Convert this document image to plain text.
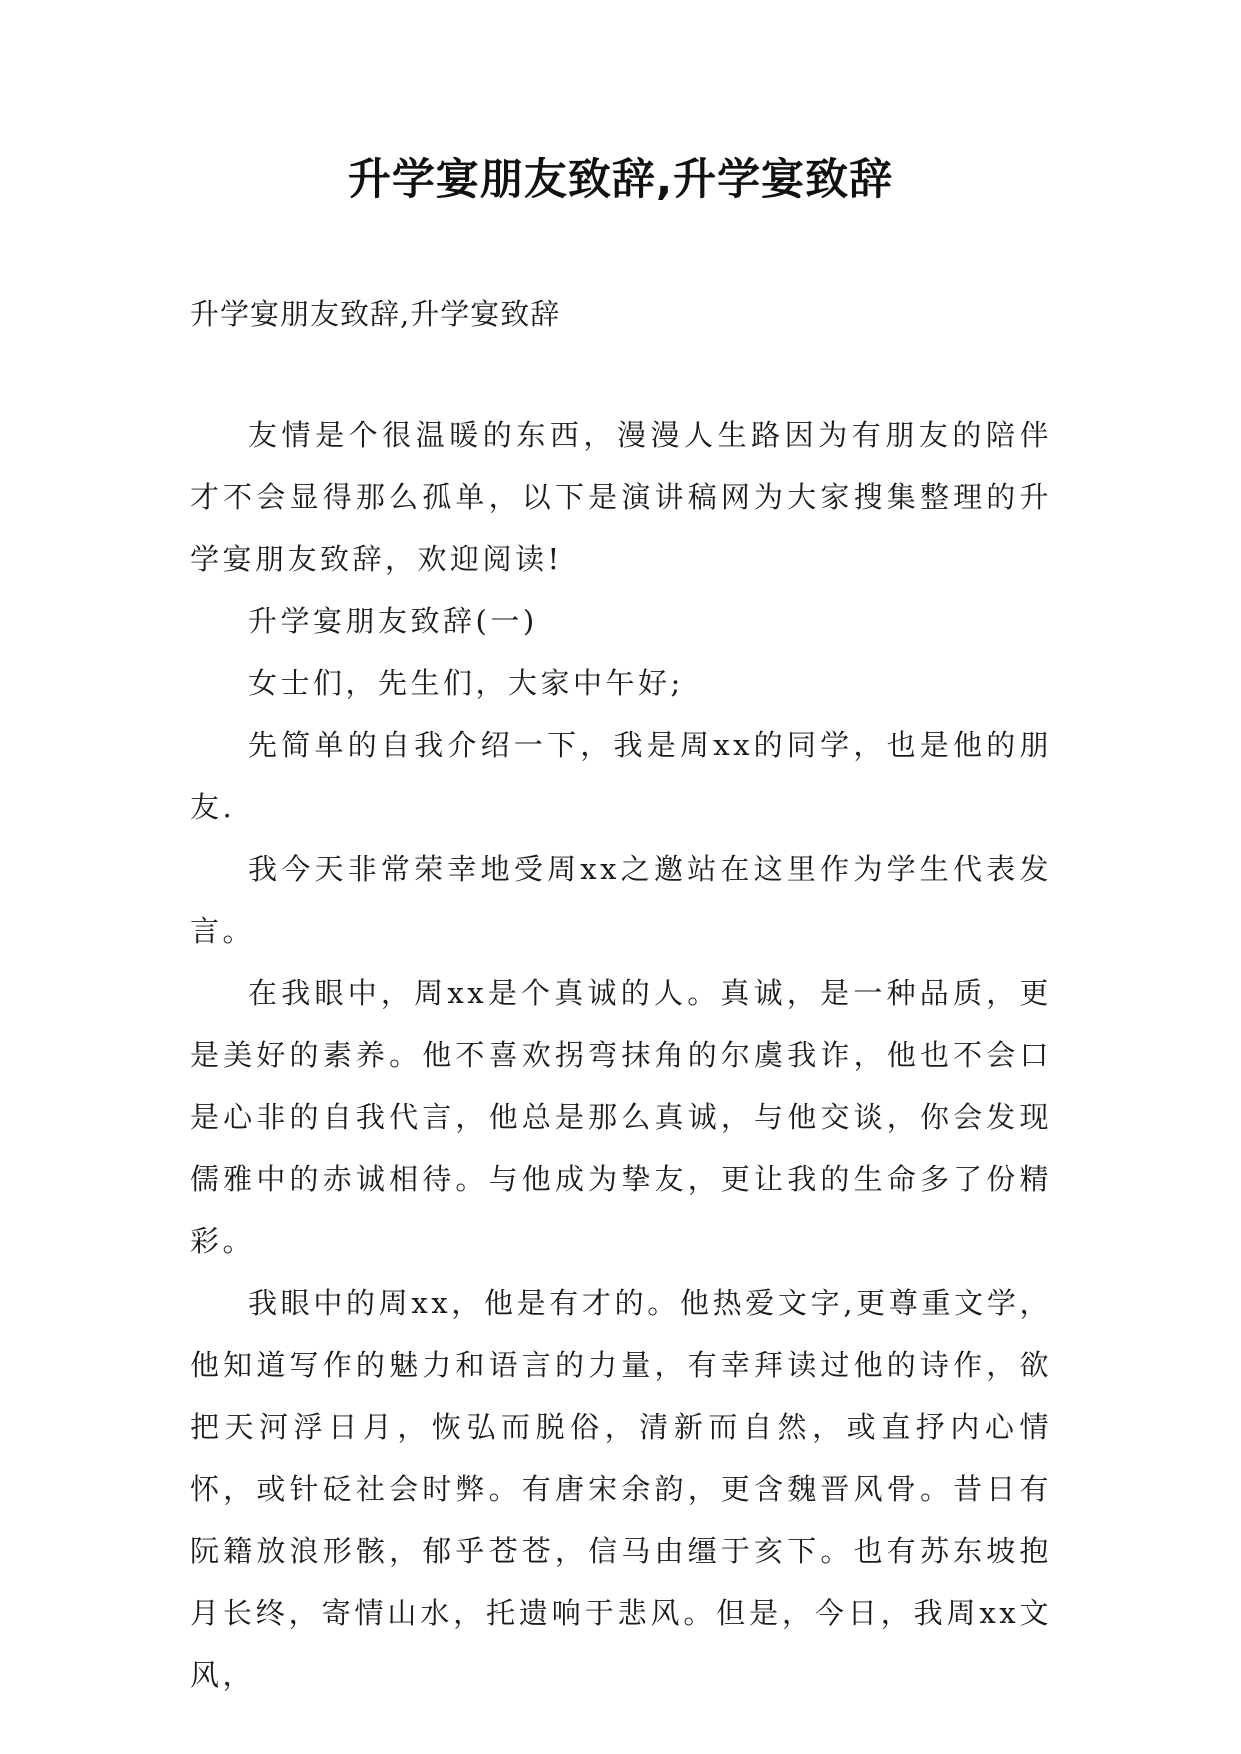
升学宴朋友致辞,升学宴致辞

升学宴朋友致辞,升学宴致辞

友情是个很温暖的东西，漫漫人生路因为有朋友的陪伴才不会显得那么孤单，以下是演讲稿网为大家搜集整理的升学宴朋友致辞，欢迎阅读!

升学宴朋友致辞(一)

女士们，先生们，大家中午好;

先简单的自我介绍一下，我是周xx的同学，也是他的朋友.

我今天非常荣幸地受周xx之邀站在这里作为学生代表发言。

在我眼中，周xx是个真诚的人。真诚，是一种品质，更是美好的素养。他不喜欢拐弯抹角的尔虞我诈，他也不会口是心非的自我代言，他总是那么真诚，与他交谈，你会发现儒雅中的赤诚相待。与他成为挚友，更让我的生命多了份精彩。

我眼中的周xx，他是有才的。他热爱文字,更尊重文学，他知道写作的魅力和语言的力量，有幸拜读过他的诗作，欲把天河浮日月，恢弘而脱俗，清新而自然，或直抒内心情怀，或针砭社会时弊。有唐宋余韵，更含魏晋风骨。昔日有阮籍放浪形骸，郁乎苍苍，信马由缰于亥下。也有苏东坡抱月长终，寄情山水，托遗响于悲风。但是，今日，我周xx文风，
